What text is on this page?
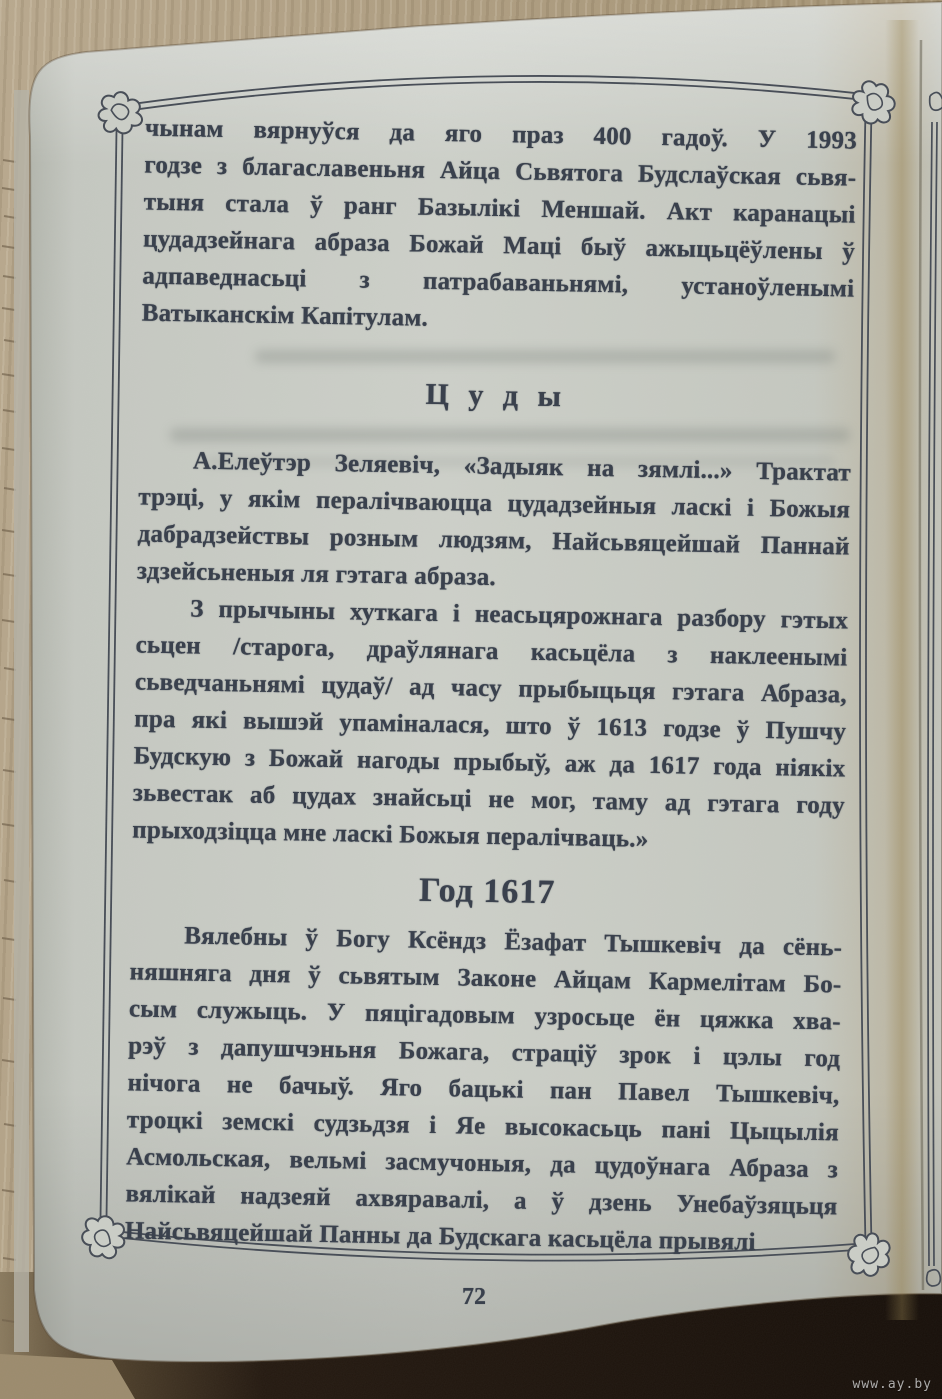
чынам вярнуўся да яго праз 400 гадоў. У 1993
годзе з благаславеньня Айца Сьвятога Будслаўская сьвя-
тыня стала ў ранг Базылікі Меншай. Акт каранацыі
цудадзейнага абраза Божай Маці быў ажыцьцёўлены ў
адпаведнасьці з патрабаваньнямі, устаноўленымі
Ватыканскім Капітулам.
Ц у д ы
А.Елеўтэр Зеляевіч, «Задыяк на зямлі...» Трактат
трэці, у якім пералічваюцца цудадзейныя ласкі і Божыя
дабрадзействы розным людзям, Найсьвяцейшай Паннай
здзейсьненыя ля гэтага абраза.
З прычыны хуткага і неасьцярожнага разбору гэтых
сьцен /старога, драўлянага касьцёла з наклеенымі
сьведчаньнямі цудаў/ ад часу прыбыцьця гэтага Абраза,
пра які вышэй упаміналася, што ў 1613 годзе ў Пушчу
Будскую з Божай нагоды прыбыў, аж да 1617 года ніякіх
зьвестак аб цудах знайсьці не мог, таму ад гэтага году
прыходзіцца мне ласкі Божыя пералічваць.»
Год 1617
Вялебны ў Богу Ксёндз Ёзафат Тышкевіч да сёнь-
няшняга дня ў сьвятым Законе Айцам Кармелітам Бо-
сым служыць. У пяцігадовым узросьце ён цяжка хва-
рэў з дапушчэньня Божага, страціў зрок і цэлы год
нічога не бачыў. Яго бацькі пан Павел Тышкевіч,
троцкі земскі судзьдзя і Яе высокасьць пані Цыцылія
Асмольская, вельмі засмучоныя, да цудоўнага Абраза з
вялікай надзеяй ахвяравалі, а ў дзень Унебаўзяцьця
Найсьвяцейшай Панны да Будскага касьцёла прывялі
72
www.ay.by
